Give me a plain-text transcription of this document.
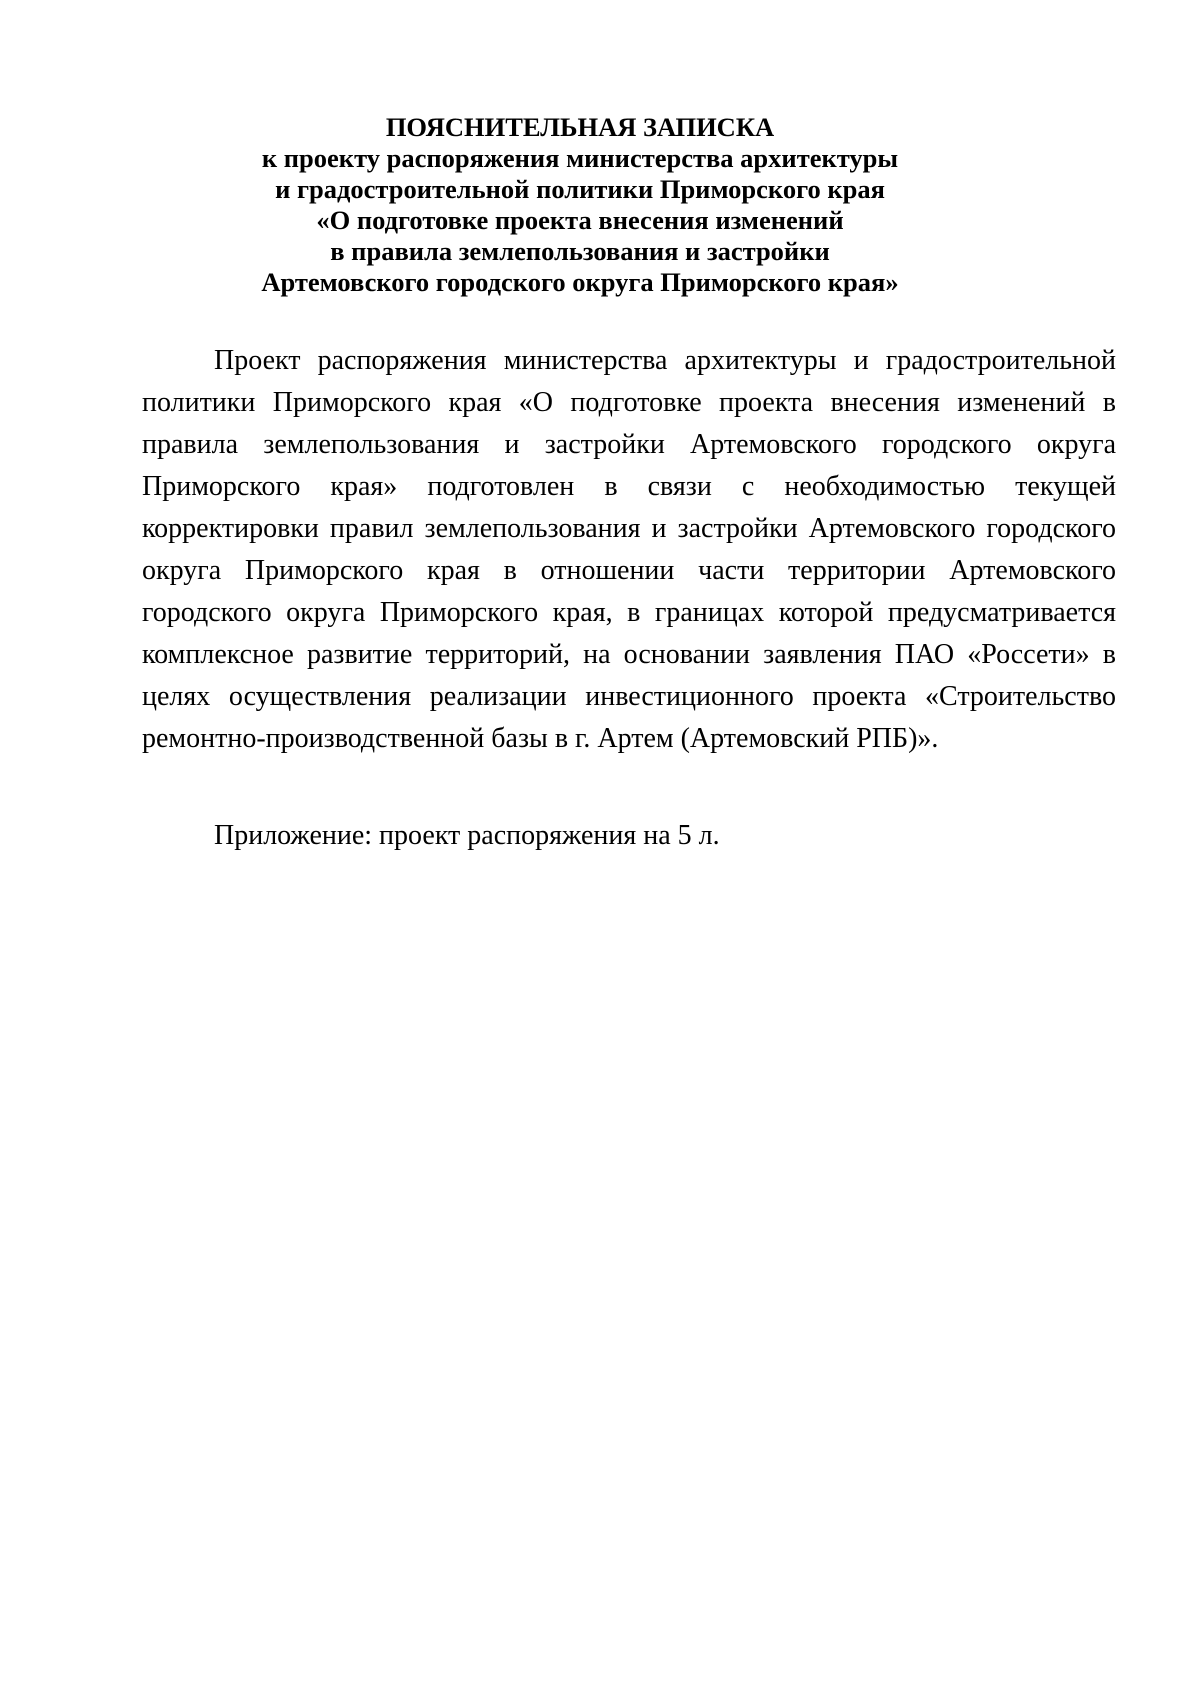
ПОЯСНИТЕЛЬНАЯ ЗАПИСКА
к проекту распоряжения министерства архитектуры
и градостроительной политики Приморского края
«О подготовке проекта внесения изменений
в правила землепользования и застройки
Артемовского городского округа Приморского края»

Проект распоряжения министерства архитектуры и градостроительной политики Приморского края «О подготовке проекта внесения изменений в правила землепользования и застройки Артемовского городского округа Приморского края» подготовлен в связи с необходимостью текущей корректировки правил землепользования и застройки Артемовского городского округа Приморского края в отношении части территории Артемовского городского округа Приморского края, в границах которой предусматривается комплексное развитие территорий, на основании заявления ПАО «Россети» в целях осуществления реализации инвестиционного проекта «Строительство ремонтно-производственной базы в г. Артем (Артемовский РПБ)».

Приложение: проект распоряжения на 5 л.
